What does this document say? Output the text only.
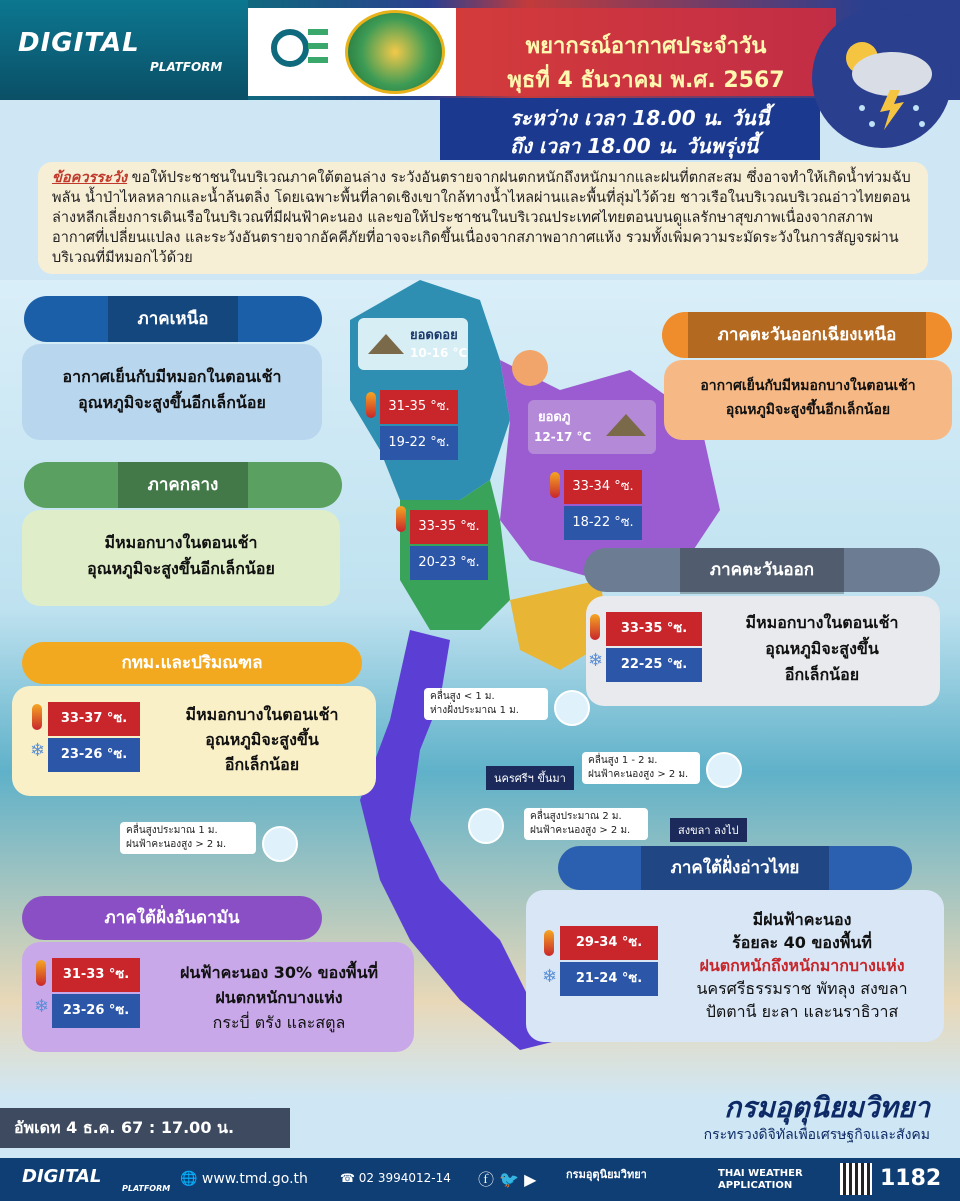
DIGITAL
PLATFORM
พยากรณ์อากาศประจำวัน
พุธที่ 4 ธันวาคม พ.ศ. 2567
ระหว่าง เวลา 18.00 น. วันนี้
ถึง เวลา 18.00 น. วันพรุ่งนี้
ข้อควรระวัง ขอให้ประชาชนในบริเวณภาคใต้ตอนล่าง ระวังอันตรายจากฝนตกหนักถึงหนักมากและฝนที่ตกสะสม ซึ่งอาจทำให้เกิดน้ำท่วมฉับพลัน น้ำป่าไหลหลากและน้ำล้นตลิ่ง โดยเฉพาะพื้นที่ลาดเชิงเขาใกล้ทางน้ำไหลผ่านและพื้นที่ลุ่มไว้ด้วย ชาวเรือในบริเวณบริเวณอ่าวไทยตอนล่างหลีกเลี่ยงการเดินเรือในบริเวณที่มีฝนฟ้าคะนอง และขอให้ประชาชนในบริเวณประเทศไทยตอนบนดูแลรักษาสุขภาพเนื่องจากสภาพอากาศที่เปลี่ยนแปลง และระวังอันตรายจากอัคคีภัยที่อาจจะเกิดขึ้นเนื่องจากสภาพอากาศแห้ง รวมทั้งเพิ่มความระมัดระวังในการสัญจรผ่านบริเวณที่มีหมอกไว้ด้วย
ยอดดอย
10-16 °C
ยอดภู
12-17 °C
31-35 °ซ.
19-22 °ซ.
33-35 °ซ.
20-23 °ซ.
33-34 °ซ.
18-22 °ซ.
คลื่นสูง < 1 ม.
ห่างฝั่งประมาณ 1 ม.
คลื่นสูง 1 - 2 ม.
ฝนฟ้าคะนองสูง > 2 ม.
นครศรีฯ ขึ้นมา
คลื่นสูงประมาณ 2 ม.
ฝนฟ้าคะนองสูง > 2 ม.	สงขลา ลงไป
คลื่นสูงประมาณ 1 ม.
ฝนฟ้าคะนองสูง > 2 ม.
ภาคเหนือ
อากาศเย็นกับมีหมอกในตอนเช้า
อุณหภูมิจะสูงขึ้นอีกเล็กน้อย
ภาคกลาง
มีหมอกบางในตอนเช้า
อุณหภูมิจะสูงขึ้นอีกเล็กน้อย
กทม.และปริมณฑล
33-37 °ซ.
❄	23-26 °ซ.
มีหมอกบางในตอนเช้า
อุณหภูมิจะสูงขึ้น
อีกเล็กน้อย
ภาคใต้ฝั่งอันดามัน
31-33 °ซ.
❄	23-26 °ซ.
ฝนฟ้าคะนอง 30% ของพื้นที่
ฝนตกหนักบางแห่ง
กระบี่ ตรัง และสตูล
ภาคตะวันออกเฉียงเหนือ
อากาศเย็นกับมีหมอกบางในตอนเช้า
อุณหภูมิจะสูงขึ้นอีกเล็กน้อย
ภาคตะวันออก
33-35 °ซ.
❄	22-25 °ซ.
มีหมอกบางในตอนเช้า
อุณหภูมิจะสูงขึ้น
อีกเล็กน้อย
ภาคใต้ฝั่งอ่าวไทย
29-34 °ซ.
❄	21-24 °ซ.
มีฝนฟ้าคะนอง
ร้อยละ 40 ของพื้นที่
ฝนตกหนักถึงหนักมากบางแห่ง
นครศรีธรรมราช พัทลุง สงขลา
ปัตตานี ยะลา และนราธิวาส
กรมอุตุนิยมวิทยา
กระทรวงดิจิทัลเพื่อเศรษฐกิจและสังคม
อัพเดท 4 ธ.ค. 67 : 17.00 น.
DIGITAL
PLATFORM
🌐 www.tmd.go.th	☎ 02 3994012-14 ⓕ 🐦 ▶	กรมอุตุนิยมวิทยา	THAI WEATHER
APPLICATION	1182
